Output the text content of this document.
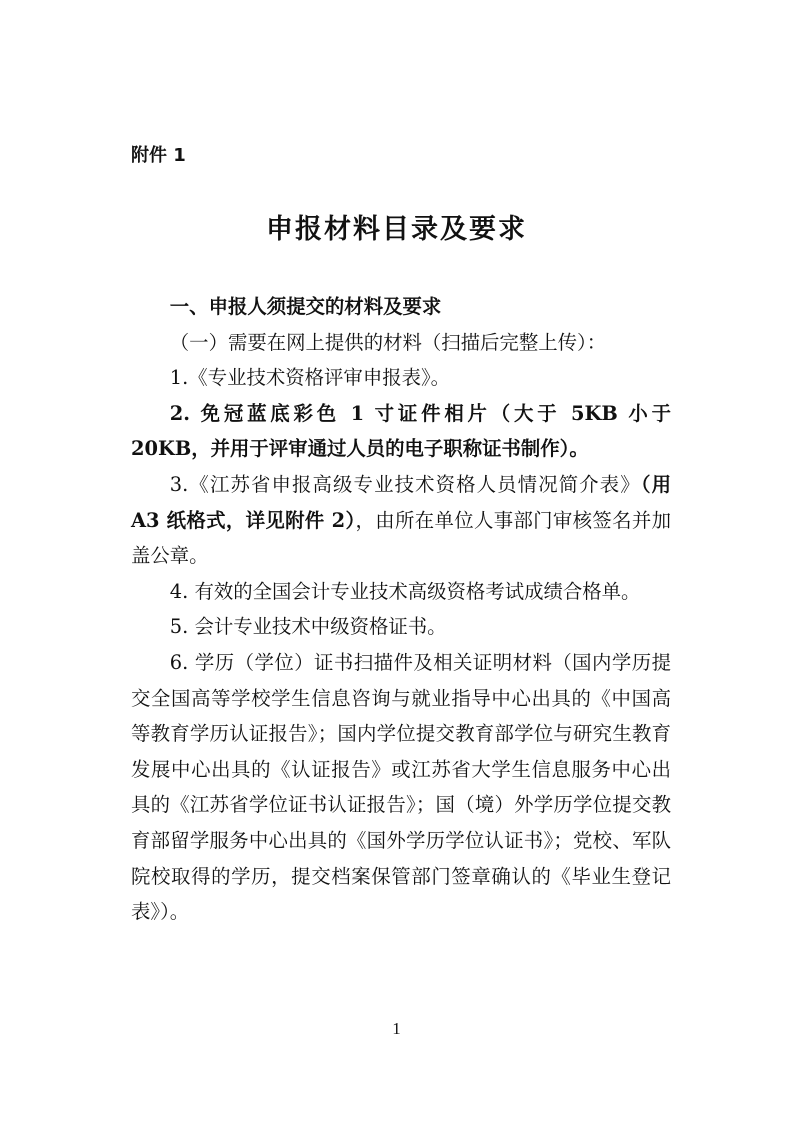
附件 1
申报材料目录及要求

一、申报人须提交的材料及要求

（一）需要在网上提供的材料（扫描后完整上传）：

1.《专业技术资格评审申报表》。

2. 免冠蓝底彩色 1 寸证件相片（大于 5KB 小于 20KB，并用于评审通过人员的电子职称证书制作）。

3.《江苏省申报高级专业技术资格人员情况简介表》（用 A3 纸格式，详见附件 2），由所在单位人事部门审核签名并加盖公章。

4. 有效的全国会计专业技术高级资格考试成绩合格单。

5. 会计专业技术中级资格证书。

6. 学历（学位）证书扫描件及相关证明材料（国内学历提交全国高等学校学生信息咨询与就业指导中心出具的《中国高等教育学历认证报告》；国内学位提交教育部学位与研究生教育发展中心出具的《认证报告》或江苏省大学生信息服务中心出具的《江苏省学位证书认证报告》；国（境）外学历学位提交教育部留学服务中心出具的《国外学历学位认证书》；党校、军队院校取得的学历，提交档案保管部门签章确认的《毕业生登记表》）。

1
